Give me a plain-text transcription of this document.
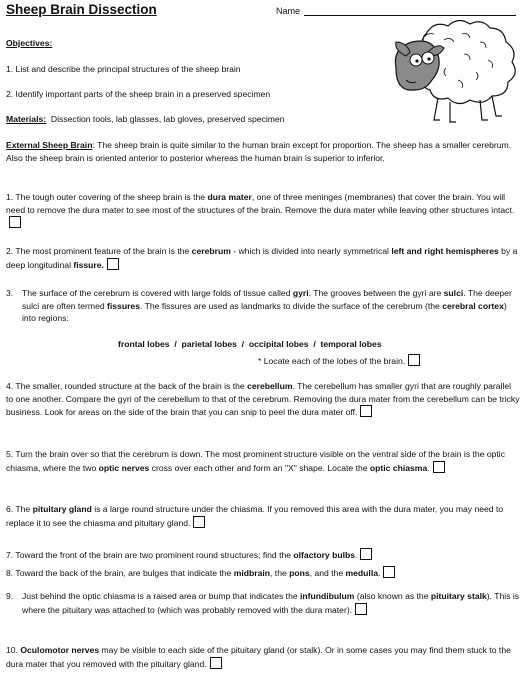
Sheep Brain Dissection	Name
Objectives:
1. List and describe the principal structures of the sheep brain
2. Identify important parts of the sheep brain in a preserved specimen
Materials: Dissection tools, lab glasses, lab gloves, preserved specimen
External Sheep Brain: The sheep brain is quite similar to the human brain except for proportion. The sheep has a smaller cerebrum. Also the sheep brain is oriented anterior to posterior whereas the human brain is superior to inferior.
1. The tough outer covering of the sheep brain is the dura mater, one of three meninges (membranes) that cover the brain. You will need to remove the dura mater to see most of the structures of the brain. Remove the dura mater while leaving other structures intact.
2. The most prominent feature of the brain is the cerebrum - which is divided into nearly symmetrical left and right hemispheres by a deep longitudinal fissure.
3. The surface of the cerebrum is covered with large folds of tissue called gyri. The grooves between the gyri are sulci. The deeper sulci are often termed fissures. The fissures are used as landmarks to divide the surface of the cerebrum (the cerebral cortex) into regions:
frontal lobes  /  parietal lobes  /  occipital lobes  /  temporal lobes
* Locate each of the lobes of the brain.
4. The smaller, rounded structure at the back of the brain is the cerebellum. The cerebellum has smaller gyri that are roughly parallel to one another. Compare the gyri of the cerebellum to that of the cerebrum. Removing the dura mater from the cerebellum can be tricky business. Look for areas on the side of the brain that you can snip to peel the dura mater off.
5. Turn the brain over so that the cerebrum is down. The most prominent structure visible on the ventral side of the brain is the optic chiasma, where the two optic nerves cross over each other and form an "X" shape. Locate the optic chiasma.
6. The pituitary gland is a large round structure under the chiasma. If you removed this area with the dura mater, you may need to replace it to see the chiasma and pituitary gland.
7. Toward the front of the brain are two prominent round structures; find the olfactory bulbs.
8. Toward the back of the brain, are bulges that indicate the midbrain, the pons, and the medulla.
9. Just behind the optic chiasma is a raised area or bump that indicates the infundibulum (also known as the pituitary stalk). This is where the pituitary was attached to (which was probably removed with the dura mater).
10. Oculomotor nerves may be visible to each side of the pituitary gland (or stalk). Or in some cases you may find them stuck to the dura mater that you removed with the pituitary gland.
